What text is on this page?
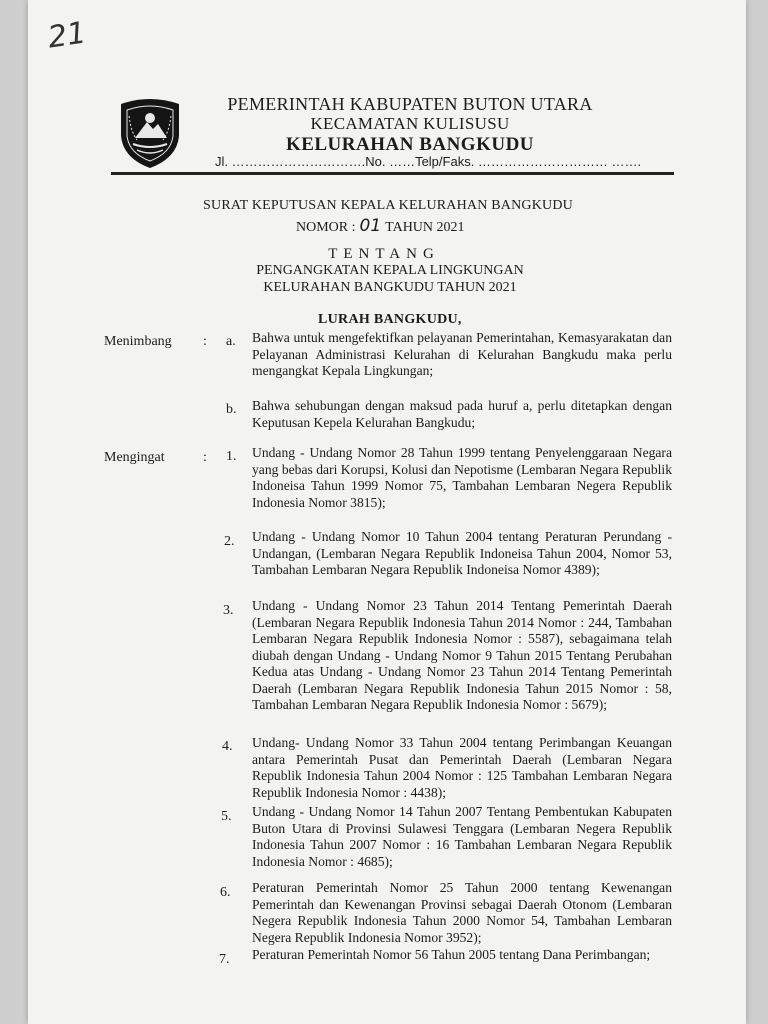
21
PEMERINTAH KABUPATEN BUTON UTARA
KECAMATAN KULISUSU
KELURAHAN BANGKUDU
Jl. ………………………….No. ……Telp/Faks. ………………………… …….
SURAT KEPUTUSAN KEPALA KELURAHAN BANGKUDU
NOMOR : 01 TAHUN 2021
TENTANG
PENGANGKATAN KEPALA LINGKUNGAN
KELURAHAN BANGKUDU TAHUN 2021
LURAH BANGKUDU,
Menimbang : a. Bahwa untuk mengefektifkan pelayanan Pemerintahan, Kemasyarakatan dan Pelayanan Administrasi Kelurahan di Kelurahan Bangkudu maka perlu mengangkat Kepala Lingkungan;
b. Bahwa sehubungan dengan maksud pada huruf a, perlu ditetapkan dengan Keputusan Kepela Kelurahan Bangkudu;
Mengingat	: 1. Undang - Undang Nomor 28 Tahun 1999 tentang Penyelenggaraan Negara yang bebas dari Korupsi, Kolusi dan Nepotisme (Lembaran Negara Republik Indoneisa Tahun 1999 Nomor 75, Tambahan Lembaran Negera Republik Indonesia Nomor 3815);
2. Undang - Undang Nomor 10 Tahun 2004 tentang Peraturan Perundang - Undangan, (Lembaran Negara Republik Indoneisa Tahun 2004, Nomor 53, Tambahan Lembaran Negara Republik Indoneisa Nomor 4389);
3. Undang - Undang Nomor 23 Tahun 2014 Tentang Pemerintah Daerah (Lembaran Negara Republik Indonesia Tahun 2014 Nomor : 244, Tambahan Lembaran Negara Republik Indonesia Nomor : 5587), sebagaimana telah diubah dengan Undang - Undang Nomor 9 Tahun 2015 Tentang Perubahan Kedua atas Undang - Undang Nomor 23 Tahun 2014 Tentang Pemerintah Daerah (Lembaran Negara Republik Indonesia Tahun 2015 Nomor : 58, Tambahan Lembaran Negara Republik Indonesia Nomor : 5679);
4. Undang- Undang Nomor 33 Tahun 2004 tentang Perimbangan Keuangan antara Pemerintah Pusat dan Pemerintah Daerah (Lembaran Negara Republik Indonesia Tahun 2004 Nomor : 125 Tambahan Lembaran Negara Republik Indonesia Nomor : 4438);
5. Undang - Undang Nomor 14 Tahun 2007 Tentang Pembentukan Kabupaten Buton Utara di Provinsi Sulawesi Tenggara (Lembaran Negera Republik Indonesia Tahun 2007 Nomor : 16 Tambahan Lembaran Negara Republik Indonesia Nomor : 4685);
6. Peraturan Pemerintah Nomor 25 Tahun 2000 tentang Kewenangan Pemerintah dan Kewenangan Provinsi sebagai Daerah Otonom (Lembaran Negera Republik Indonesia Tahun 2000 Nomor 54, Tambahan Lembaran Negera Republik Indonesia Nomor 3952);
7. Peraturan Pemerintah Nomor 56 Tahun 2005 tentang Dana Perimbangan;
